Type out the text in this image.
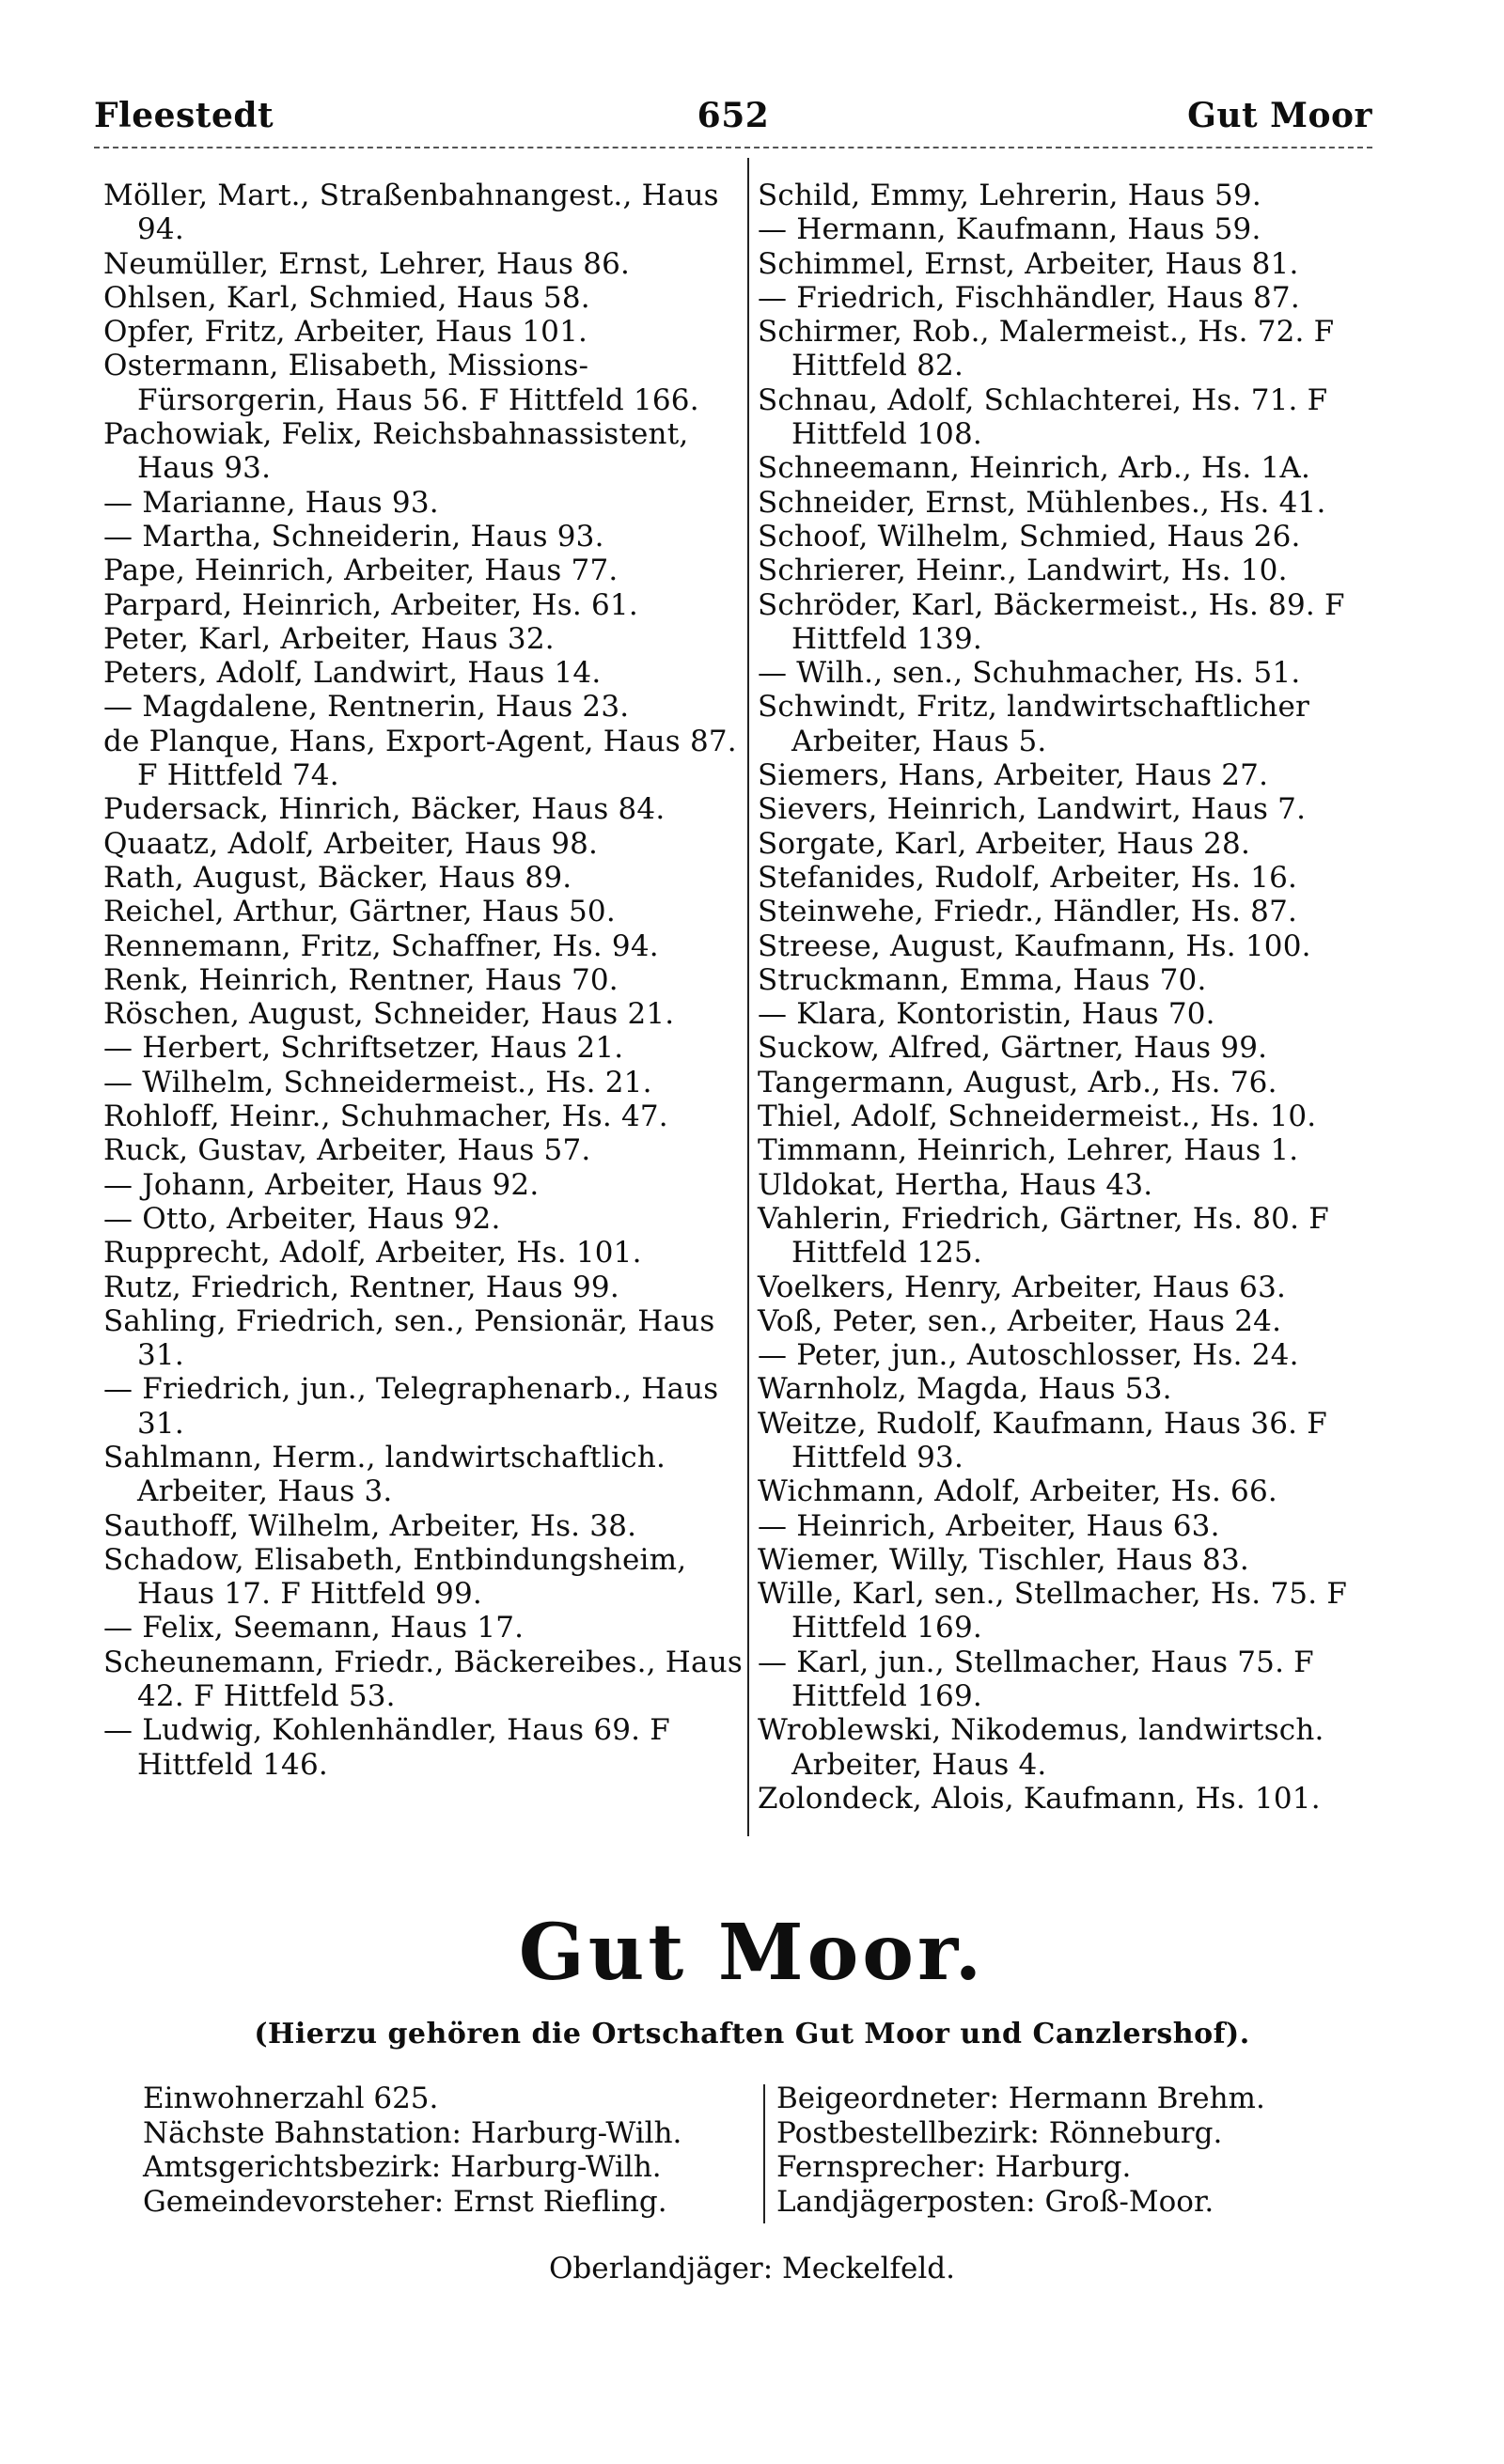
Fleestedt	652	Gut Moor
Möller, Mart., Straßenbahnangest., Haus 94.
Neumüller, Ernst, Lehrer, Haus 86.
Ohlsen, Karl, Schmied, Haus 58.
Opfer, Fritz, Arbeiter, Haus 101.
Ostermann, Elisabeth, Missions-Fürsorgerin, Haus 56. F Hittfeld 166.
Pachowiak, Felix, Reichsbahnassistent, Haus 93.
— Marianne, Haus 93.
— Martha, Schneiderin, Haus 93.
Pape, Heinrich, Arbeiter, Haus 77.
Parpard, Heinrich, Arbeiter, Hs. 61.
Peter, Karl, Arbeiter, Haus 32.
Peters, Adolf, Landwirt, Haus 14.
— Magdalene, Rentnerin, Haus 23.
de Planque, Hans, Export-Agent, Haus 87. F Hittfeld 74.
Pudersack, Hinrich, Bäcker, Haus 84.
Quaatz, Adolf, Arbeiter, Haus 98.
Rath, August, Bäcker, Haus 89.
Reichel, Arthur, Gärtner, Haus 50.
Rennemann, Fritz, Schaffner, Hs. 94.
Renk, Heinrich, Rentner, Haus 70.
Röschen, August, Schneider, Haus 21.
— Herbert, Schriftsetzer, Haus 21.
— Wilhelm, Schneidermeist., Hs. 21.
Rohloff, Heinr., Schuhmacher, Hs. 47.
Ruck, Gustav, Arbeiter, Haus 57.
— Johann, Arbeiter, Haus 92.
— Otto, Arbeiter, Haus 92.
Rupprecht, Adolf, Arbeiter, Hs. 101.
Rutz, Friedrich, Rentner, Haus 99.
Sahling, Friedrich, sen., Pensionär, Haus 31.
— Friedrich, jun., Telegraphenarb., Haus 31.
Sahlmann, Herm., landwirtschaftlich. Arbeiter, Haus 3.
Sauthoff, Wilhelm, Arbeiter, Hs. 38.
Schadow, Elisabeth, Entbindungsheim, Haus 17. F Hittfeld 99.
— Felix, Seemann, Haus 17.
Scheunemann, Friedr., Bäckereibes., Haus 42. F Hittfeld 53.
— Ludwig, Kohlenhändler, Haus 69. F Hittfeld 146.
Schild, Emmy, Lehrerin, Haus 59.
— Hermann, Kaufmann, Haus 59.
Schimmel, Ernst, Arbeiter, Haus 81.
— Friedrich, Fischhändler, Haus 87.
Schirmer, Rob., Malermeist., Hs. 72. F Hittfeld 82.
Schnau, Adolf, Schlachterei, Hs. 71. F Hittfeld 108.
Schneemann, Heinrich, Arb., Hs. 1A.
Schneider, Ernst, Mühlenbes., Hs. 41.
Schoof, Wilhelm, Schmied, Haus 26.
Schrierer, Heinr., Landwirt, Hs. 10.
Schröder, Karl, Bäckermeist., Hs. 89. F Hittfeld 139.
— Wilh., sen., Schuhmacher, Hs. 51.
Schwindt, Fritz, landwirtschaftlicher Arbeiter, Haus 5.
Siemers, Hans, Arbeiter, Haus 27.
Sievers, Heinrich, Landwirt, Haus 7.
Sorgate, Karl, Arbeiter, Haus 28.
Stefanides, Rudolf, Arbeiter, Hs. 16.
Steinwehe, Friedr., Händler, Hs. 87.
Streese, August, Kaufmann, Hs. 100.
Struckmann, Emma, Haus 70.
— Klara, Kontoristin, Haus 70.
Suckow, Alfred, Gärtner, Haus 99.
Tangermann, August, Arb., Hs. 76.
Thiel, Adolf, Schneidermeist., Hs. 10.
Timmann, Heinrich, Lehrer, Haus 1.
Uldokat, Hertha, Haus 43.
Vahlerin, Friedrich, Gärtner, Hs. 80. F Hittfeld 125.
Voelkers, Henry, Arbeiter, Haus 63.
Voß, Peter, sen., Arbeiter, Haus 24.
— Peter, jun., Autoschlosser, Hs. 24.
Warnholz, Magda, Haus 53.
Weitze, Rudolf, Kaufmann, Haus 36. F Hittfeld 93.
Wichmann, Adolf, Arbeiter, Hs. 66.
— Heinrich, Arbeiter, Haus 63.
Wiemer, Willy, Tischler, Haus 83.
Wille, Karl, sen., Stellmacher, Hs. 75. F Hittfeld 169.
— Karl, jun., Stellmacher, Haus 75. F Hittfeld 169.
Wroblewski, Nikodemus, landwirtsch. Arbeiter, Haus 4.
Zolondeck, Alois, Kaufmann, Hs. 101.
Gut Moor.
(Hierzu gehören die Ortschaften Gut Moor und Canzlershof).
Einwohnerzahl 625.
Nächste Bahnstation: Harburg-Wilh.
Amtsgerichtsbezirk: Harburg-Wilh.
Gemeindevorsteher: Ernst Riefling.
Beigeordneter: Hermann Brehm.
Postbestellbezirk: Rönneburg.
Fernsprecher: Harburg.
Landjägerposten: Groß-Moor.
Oberlandjäger: Meckelfeld.
